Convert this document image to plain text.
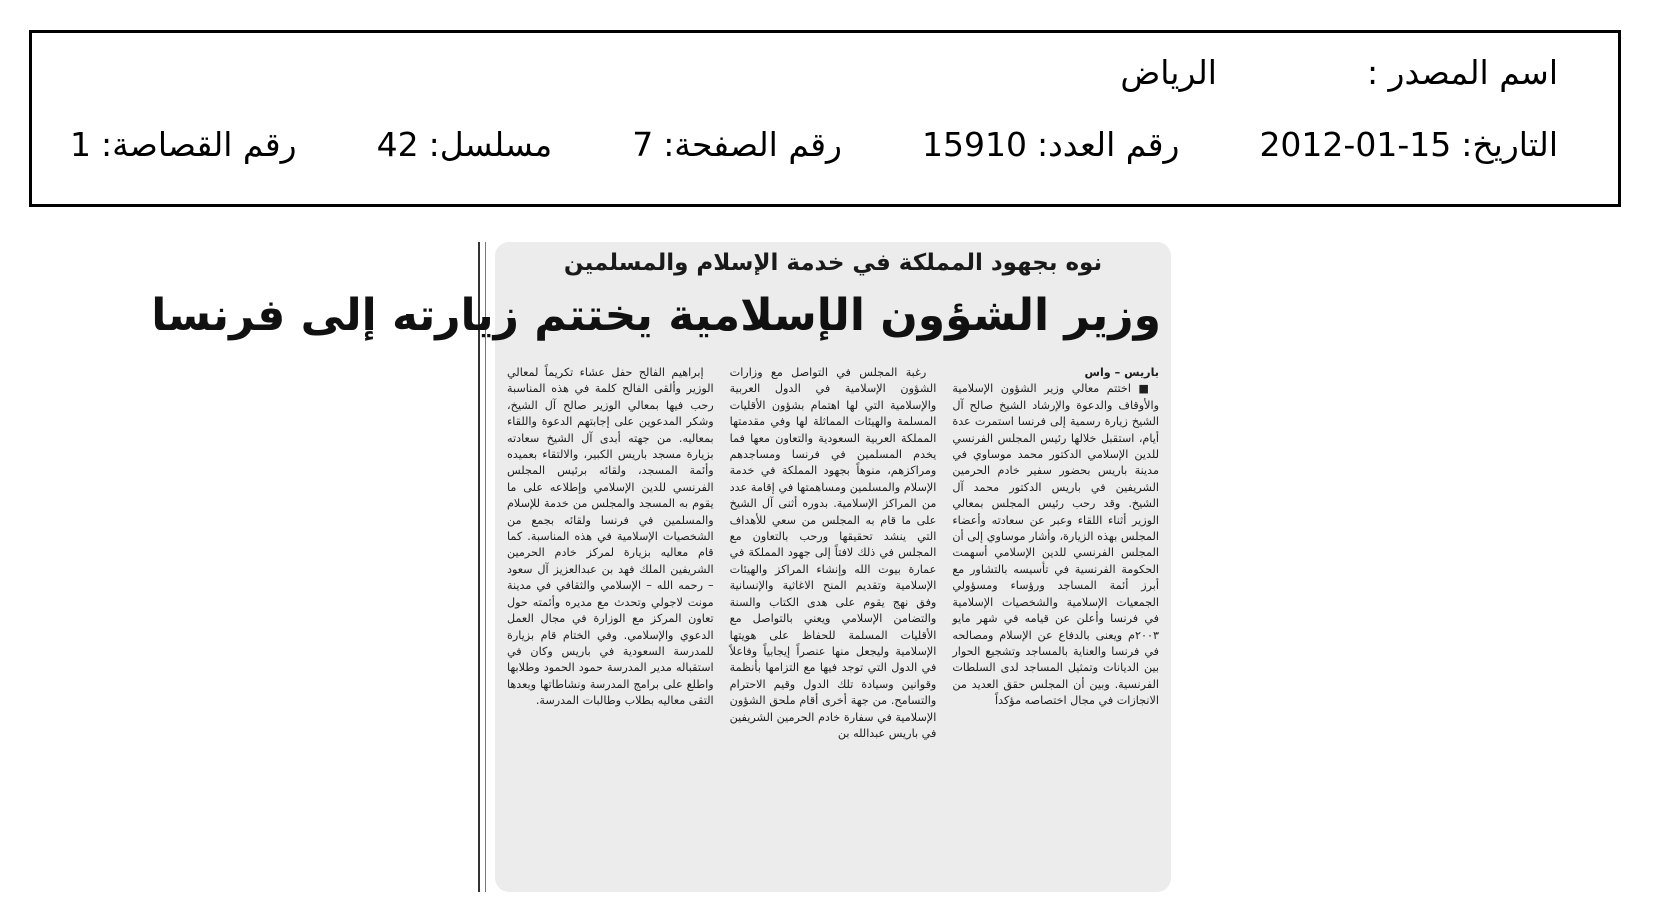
اسم المصدر :
الرياض
التاريخ:
2012-01-15
رقم العدد:
15910
رقم الصفحة:
7
مسلسل:
42
رقم القصاصة:
1
نوه بجهود المملكة في خدمة الإسلام والمسلمين
وزير الشؤون الإسلامية يختتم زيارته إلى فرنسا
باريس – واس

■ اختتم معالي وزير الشؤون الإسلامية والأوقاف والدعوة والإرشاد الشيخ صالح آل الشيخ زيارة رسمية إلى فرنسا استمرت عدة أيام، استقبل خلالها رئيس المجلس الفرنسي للدين الإسلامي الدكتور محمد موساوي في مدينة باريس بحضور سفير خادم الحرمين الشريفين في باريس الدكتور محمد آل الشيخ. وقد رحب رئيس المجلس بمعالي الوزير أثناء اللقاء وعبر عن سعادته وأعضاء المجلس بهذه الزيارة، وأشار موساوي إلى أن المجلس الفرنسي للدين الإسلامي أسهمت الحكومة الفرنسية في تأسيسه بالتشاور مع أبرز أئمة المساجد ورؤساء ومسؤولي الجمعيات الإسلامية والشخصيات الإسلامية في فرنسا وأعلن عن قيامه في شهر مايو ٢٠٠٣م ويعنى بالدفاع عن الإسلام ومصالحه في فرنسا والعناية بالمساجد وتشجيع الحوار بين الديانات وتمثيل المساجد لدى السلطات الفرنسية. وبين أن المجلس حقق العديد من الانجازات في مجال اختصاصه مؤكداً

رغبة المجلس في التواصل مع وزارات الشؤون الإسلامية في الدول العربية والإسلامية التي لها اهتمام بشؤون الأقليات المسلمة والهيئات المماثلة لها وفي مقدمتها المملكة العربية السعودية والتعاون معها فما يخدم المسلمين في فرنسا ومساجدهم ومراكزهم، منوهاً بجهود المملكة في خدمة الإسلام والمسلمين ومساهمتها في إقامة عدد من المراكز الإسلامية. بدوره أثنى آل الشيخ على ما قام به المجلس من سعي للأهداف التي ينشد تحقيقها ورحب بالتعاون مع المجلس في ذلك لافتاً إلى جهود المملكة في عمارة بيوت الله وإنشاء المراكز والهيئات الإسلامية وتقديم المنح الاغاثية والإنسانية وفق نهج يقوم على هدى الكتاب والسنة والتضامن الإسلامي ويعني بالتواصل مع الأقليات المسلمة للحفاظ على هويتها الإسلامية وليجعل منها عنصراً إيجابياً وفاعلاً في الدول التي توجد فيها مع التزامها بأنظمة وقوانين وسيادة تلك الدول وقيم الاحترام والتسامح. من جهة أخرى أقام ملحق الشؤون الإسلامية في سفارة خادم الحرمين الشريفين في باريس عبدالله بن

إبراهيم الفالح حفل عشاء تكريماً لمعالي الوزير وألقى الفالح كلمة في هذه المناسبة رحب فيها بمعالي الوزير صالح آل الشيخ، وشكر المدعوين على إجابتهم الدعوة واللقاء بمعاليه. من جهته أبدى آل الشيخ سعادته بزيارة مسجد باريس الكبير، والالتقاء بعميده وأئمة المسجد، ولقائه برئيس المجلس الفرنسي للدين الإسلامي وإطلاعه على ما يقوم به المسجد والمجلس من خدمة للإسلام والمسلمين في فرنسا ولقائه بجمع من الشخصيات الإسلامية في هذه المناسبة. كما قام معاليه بزيارة لمركز خادم الحرمين الشريفين الملك فهد بن عبدالعزيز آل سعود – رحمه الله – الإسلامي والثقافي في مدينة مونت لاجولي وتحدث مع مديره وأئمته حول تعاون المركز مع الوزارة في مجال العمل الدعوي والإسلامي. وفي الختام قام بزيارة للمدرسة السعودية في باريس وكان في استقباله مدير المدرسة حمود الحمود وطلابها واطلع على برامج المدرسة ونشاطاتها وبعدها التقى معاليه بطلاب وطالبات المدرسة.
